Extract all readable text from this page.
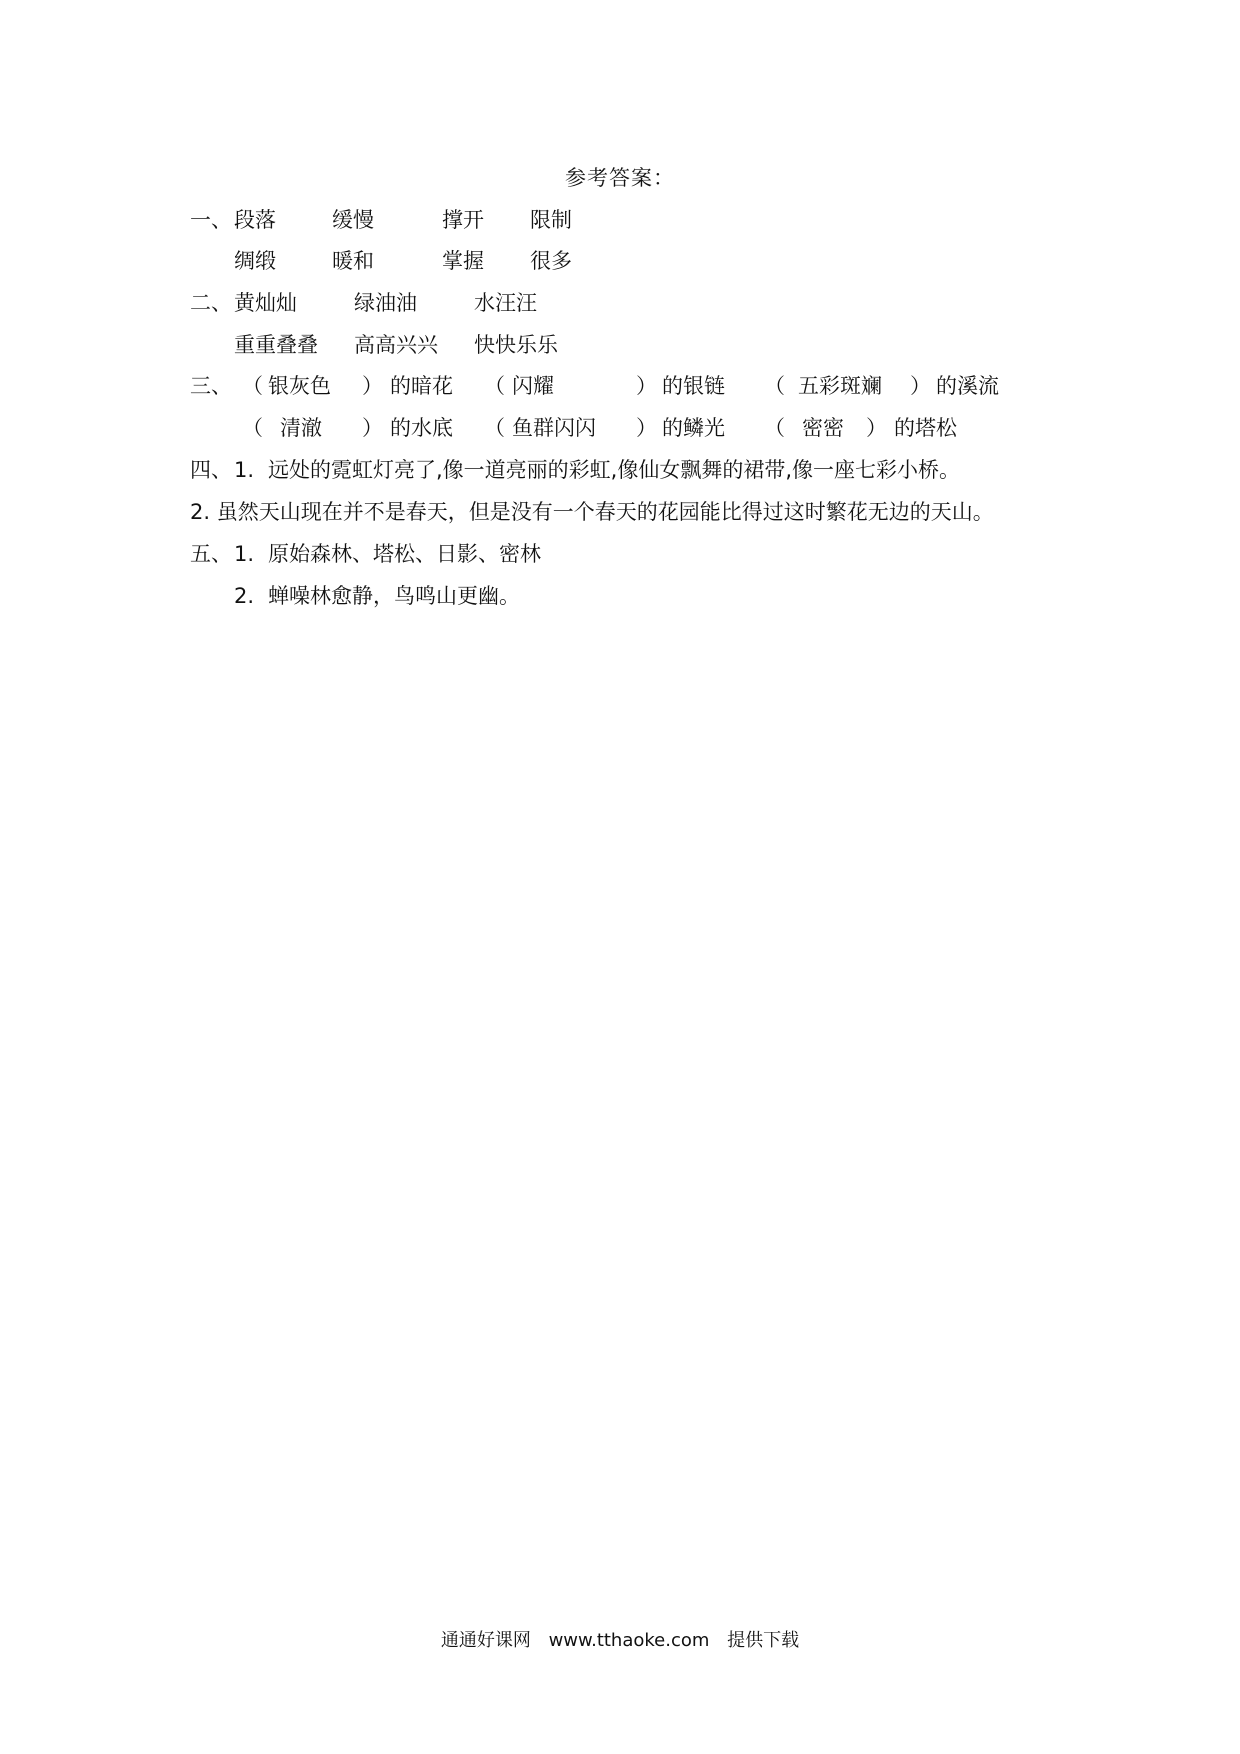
参考答案：
一、 段落	缓慢	撑开 限制
绸缎	暖和	掌握 很多
二、 黄灿灿	绿油油	水汪汪
重重叠叠 高高兴兴 快快乐乐
三、 （ 银灰色 ） 的暗花 （ 闪耀	） 的银链 （ 五彩斑斓 ） 的溪流
（ 清澈 ） 的水底 （ 鱼群闪闪 ） 的鳞光 （ 密密 ） 的塔松
四、 1. 远处的霓虹灯亮了,像一道亮丽的彩虹,像仙女飘舞的裙带,像一座七彩小桥。
2. 虽然天山现在并不是春天，但是没有一个春天的花园能比得过这时繁花无边的天山。
五、 1. 原始森林、塔松、日影、密林
2. 蝉噪林愈静，鸟鸣山更幽。
通通好课网 www.tthaoke.com 提供下载
